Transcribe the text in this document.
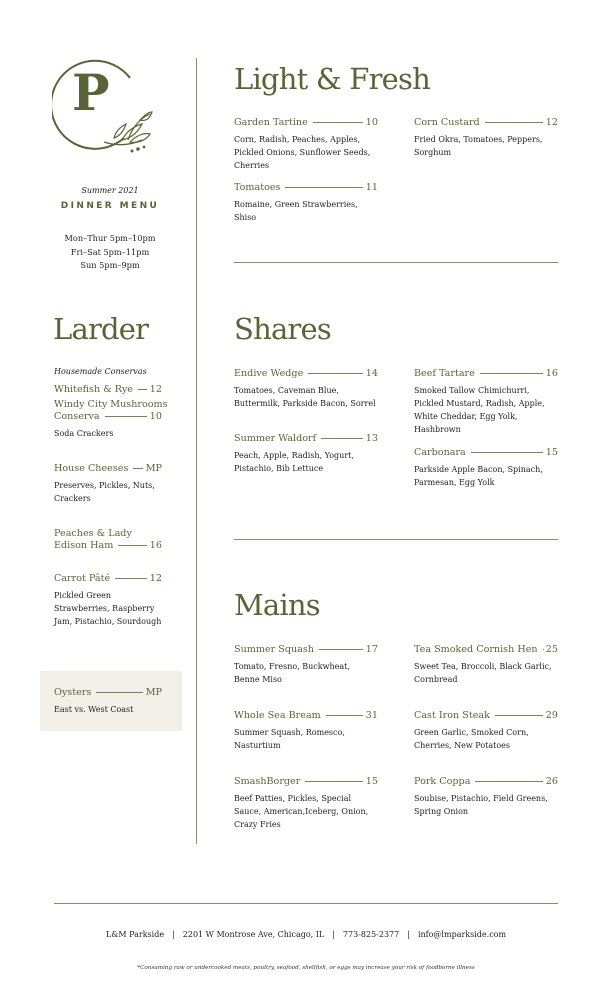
P
Summer 2021
DINNER MENU
Mon–Thur 5pm–10pm
Fri–Sat 5pm–11pm
Sun 5pm–9pm
Larder
Housemade Conservas
Whitefish & Rye 12
Windy City Mushrooms
Conserva	10
Soda Crackers
House Cheeses MP
Preserves, Pickles, Nuts, Crackers
Peaches & Lady
Edison Ham	16
Carrot Pâté	12
Pickled Green Strawberries, Raspberry Jam, Pistachio, Sourdough
Oysters	MP
East vs. West Coast
Light & Fresh
Garden Tartine	10
Corn, Radish, Peaches, Apples, Pickled Onions, Sunflower Seeds, Cherries
Corn Custard	12
Fried Okra, Tomatoes, Peppers, Sorghum
Tomatoes	11
Romaine, Green Strawberries, Shiso
Shares
Endive Wedge	14
Tomatoes, Caveman Blue, Buttermilk, Parkside Bacon, Sorrel
Beef Tartare	16
Smoked Tallow Chimichurri, Pickled Mustard, Radish, Apple, White Cheddar, Egg Yolk, Hashbrown
Summer Waldorf	13
Peach, Apple, Radish, Yogurt, Pistachio, Bib Lettuce
Carbonara	15
Parkside Apple Bacon, Spinach, Parmesan, Egg Yolk
Mains
Summer Squash	17
Tomato, Fresno, Buckwheat, Benne Miso
Tea Smoked Cornish Hen 25
Sweet Tea, Broccoli, Black Garlic, Cornbread
Whole Sea Bream	31
Summer Squash, Romesco, Nasturtium
Cast Iron Steak	29
Green Garlic, Smoked Corn, Cherries, New Potatoes
SmashBorger	15
Beef Patties, Pickles, Special Sauce, American,Iceberg, Onion, Crazy Fries
Pork Coppa	26
Soubise, Pistachio, Field Greens, Spring Onion
L&M Parkside | 2201 W Montrose Ave, Chicago, IL | 773-825-2377 | info@lmparkside.com
*Consuming raw or undercooked meats, poultry, seafood, shellfish, or eggs may increase your risk of foodborne illness
